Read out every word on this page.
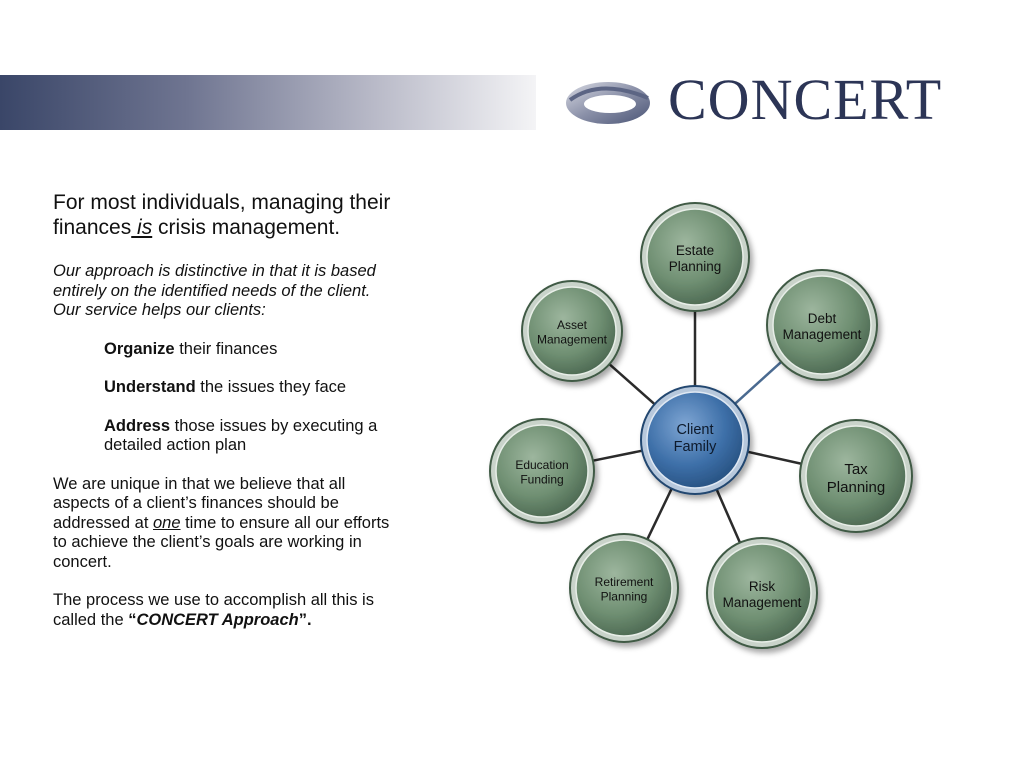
CONCERT

For most individuals, managing their finances is crisis management.

Our approach is distinctive in that it is based entirely on the identified needs of the client. Our service helps our clients:

Organize their finances

Understand the issues they face

Address those issues by executing a detailed action plan

We are unique in that we believe that all aspects of a client’s finances should be addressed at one time to ensure all our efforts to achieve the client’s goals are working in concert.

The process we use to accomplish all this is called the “CONCERT Approach”.

Estate Planning
Debt Management
Tax Planning
Risk Management
Retirement Planning
Education Funding
Asset Management
Client Family
